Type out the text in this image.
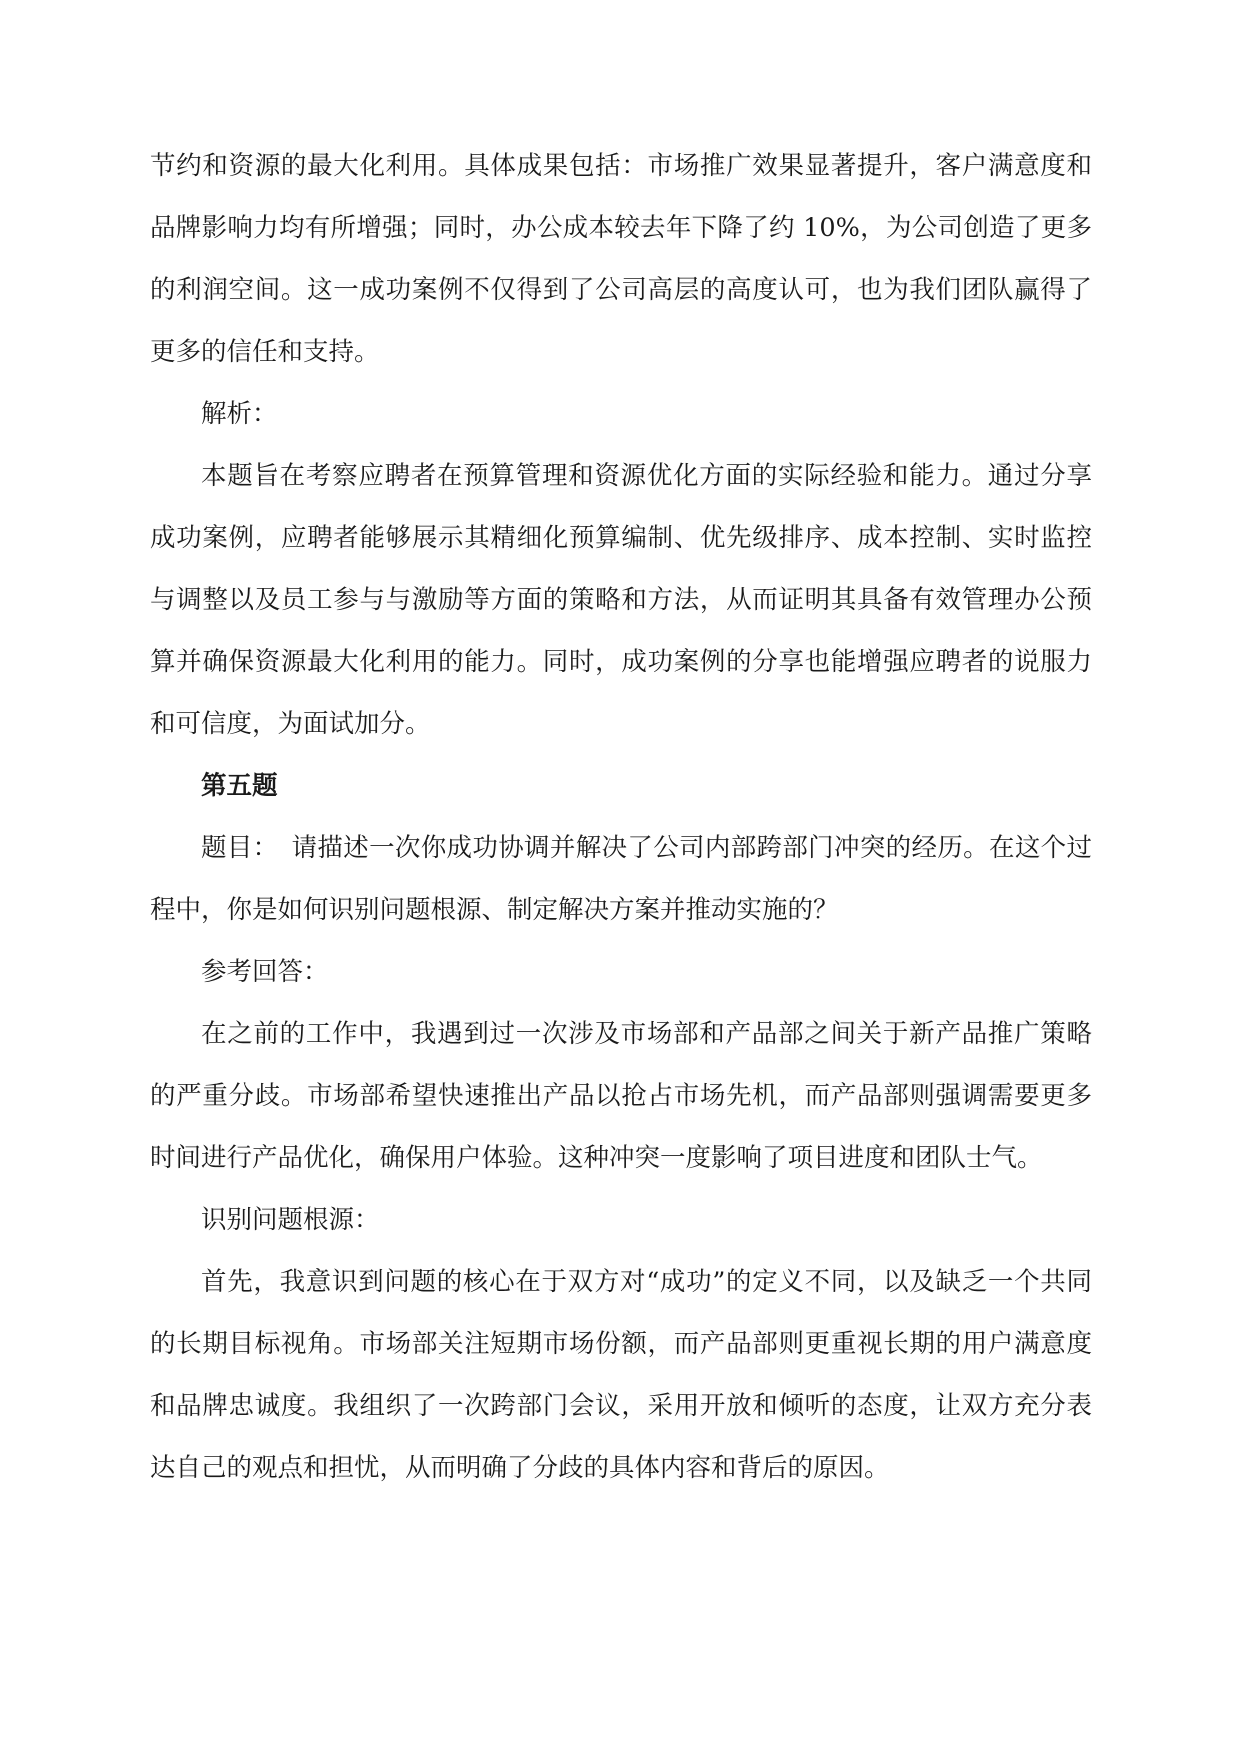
节约和资源的最大化利用。具体成果包括：市场推广效果显著提升，客户满意度和品牌影响力均有所增强；同时，办公成本较去年下降了约 10%，为公司创造了更多的利润空间。这一成功案例不仅得到了公司高层的高度认可，也为我们团队赢得了更多的信任和支持。

解析：

本题旨在考察应聘者在预算管理和资源优化方面的实际经验和能力。通过分享成功案例，应聘者能够展示其精细化预算编制、优先级排序、成本控制、实时监控与调整以及员工参与与激励等方面的策略和方法，从而证明其具备有效管理办公预算并确保资源最大化利用的能力。同时，成功案例的分享也能增强应聘者的说服力和可信度，为面试加分。

第五题

题目：　请描述一次你成功协调并解决了公司内部跨部门冲突的经历。在这个过程中，你是如何识别问题根源、制定解决方案并推动实施的？

参考回答：

在之前的工作中，我遇到过一次涉及市场部和产品部之间关于新产品推广策略的严重分歧。市场部希望快速推出产品以抢占市场先机，而产品部则强调需要更多时间进行产品优化，确保用户体验。这种冲突一度影响了项目进度和团队士气。

识别问题根源：

首先，我意识到问题的核心在于双方对“成功”的定义不同，以及缺乏一个共同的长期目标视角。市场部关注短期市场份额，而产品部则更重视长期的用户满意度和品牌忠诚度。我组织了一次跨部门会议，采用开放和倾听的态度，让双方充分表达自己的观点和担忧，从而明确了分歧的具体内容和背后的原因。
